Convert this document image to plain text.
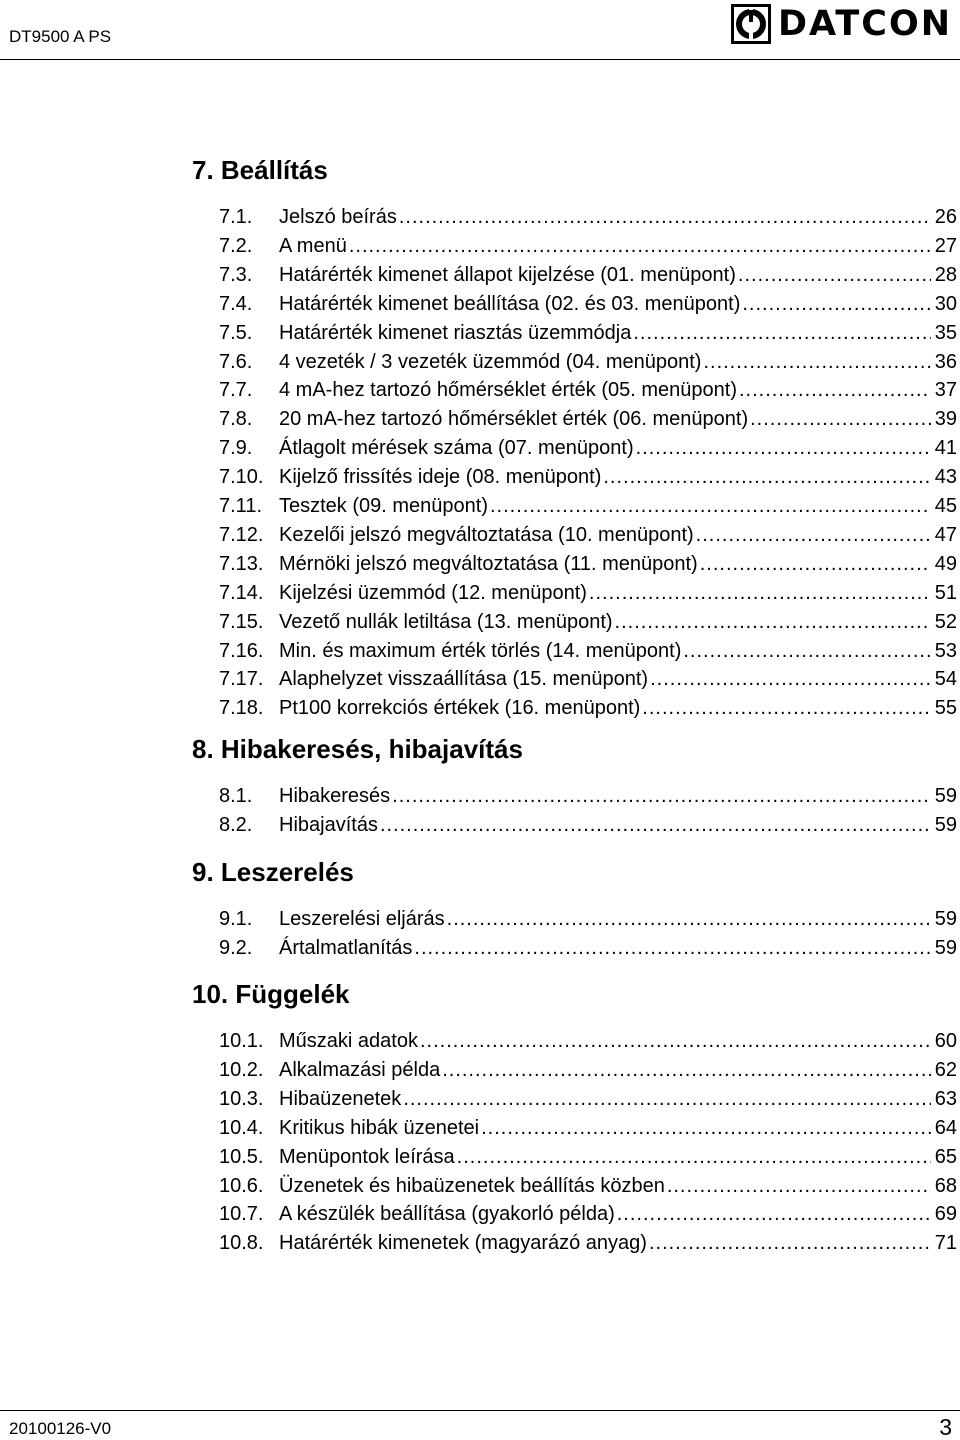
DT9500 A PS	DATCON
7. Beállítás
7.1.	Jelszó beírás .....	26
7.2.	A menü .....	27
7.3.	Határérték kimenet állapot kijelzése (01. menüpont) .....	28
7.4.	Határérték kimenet beállítása (02. és 03. menüpont) .....	30
7.5.	Határérték kimenet riasztás üzemmódja .....	35
7.6.	4 vezeték / 3 vezeték üzemmód (04. menüpont) .....	36
7.7.	4 mA-hez tartozó hőmérséklet érték (05. menüpont) .....	37
7.8.	20 mA-hez tartozó hőmérséklet érték (06. menüpont) .....	39
7.9.	Átlagolt mérések száma (07. menüpont) .....	41
7.10. Kijelző frissítés ideje (08. menüpont) .....	43
7.11. Tesztek (09. menüpont) .....	45
7.12. Kezelői jelszó megváltoztatása (10. menüpont) .....	47
7.13. Mérnöki jelszó megváltoztatása (11. menüpont) .....	49
7.14. Kijelzési üzemmód (12. menüpont) .....	51
7.15. Vezető nullák letiltása (13. menüpont) .....	52
7.16. Min. és maximum érték törlés (14. menüpont) .....	53
7.17. Alaphelyzet visszaállítása (15. menüpont) .....	54
7.18. Pt100 korrekciós értékek (16. menüpont) .....	55
8. Hibakeresés, hibajavítás
8.1.	Hibakeresés .....	59
8.2.	Hibajavítás .....	59
9. Leszerelés
9.1.	Leszerelési eljárás .....	59
9.2.	Ártalmatlanítás .....	59
10. Függelék
10.1. Műszaki adatok .....	60
10.2. Alkalmazási példa .....	62
10.3. Hibaüzenetek .....	63
10.4. Kritikus hibák üzenetei .....	64
10.5. Menüpontok leírása .....	65
10.6. Üzenetek és hibaüzenetek beállítás közben .....	68
10.7. A készülék beállítása (gyakorló példa) .....	69
10.8. Határérték kimenetek (magyarázó anyag) .....	71
20100126-V0	3
